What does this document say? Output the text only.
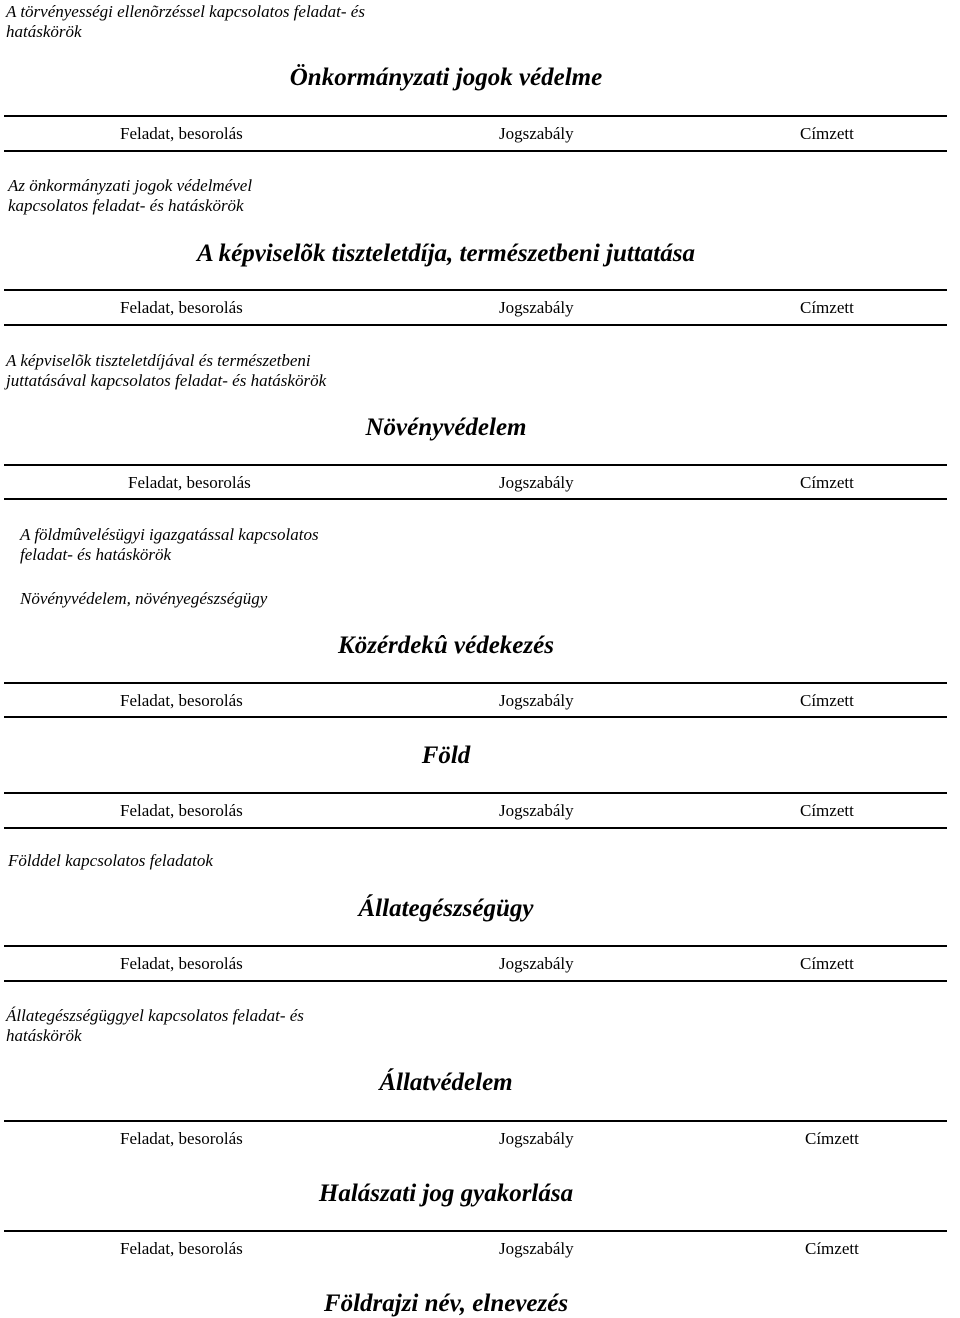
A törvényességi ellenõrzéssel kapcsolatos feladat- és hatáskörök
Önkormányzati jogok védelme
Feladat, besorolás	Jogszabály	Címzett
Az önkormányzati jogok védelmével kapcsolatos feladat- és hatáskörök
A képviselõk tiszteletdíja, természetbeni juttatása
Feladat, besorolás	Jogszabály	Címzett
A képviselõk tiszteletdíjával és természetbeni juttatásával kapcsolatos feladat- és hatáskörök
Növényvédelem
Feladat, besorolás	Jogszabály	Címzett
A földmûvelésügyi igazgatással kapcsolatos feladat- és hatáskörök
Növényvédelem, növényegészségügy
Közérdekû védekezés
Feladat, besorolás	Jogszabály	Címzett
Föld
Feladat, besorolás	Jogszabály	Címzett
Földdel kapcsolatos feladatok
Állategészségügy
Feladat, besorolás	Jogszabály	Címzett
Állategészségüggyel kapcsolatos feladat- és hatáskörök
Állatvédelem
Feladat, besorolás	Jogszabály	Címzett
Halászati jog gyakorlása
Feladat, besorolás	Jogszabály	Címzett
Földrajzi név, elnevezés
